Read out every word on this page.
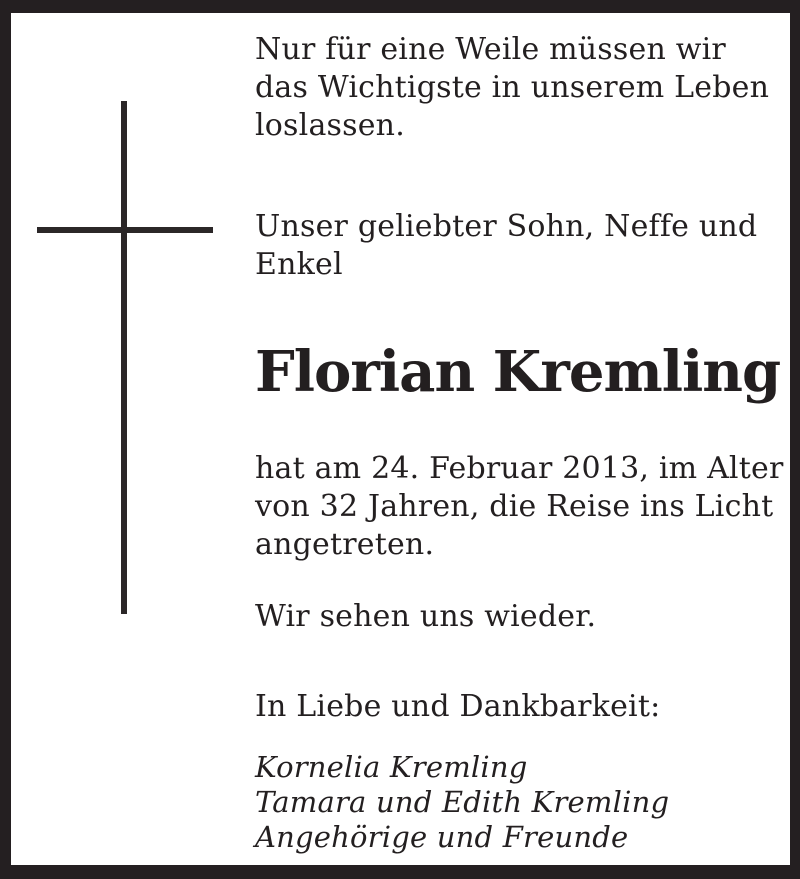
Nur für eine Weile müssen wir
das Wichtigste in unserem Leben
loslassen.
Unser geliebter Sohn, Neffe und
Enkel
Florian Kremling
hat am 24. Februar 2013, im Alter
von 32 Jahren, die Reise ins Licht
angetreten.
Wir sehen uns wieder.
In Liebe und Dankbarkeit:
Kornelia Kremling
Tamara und Edith Kremling
Angehörige und Freunde
